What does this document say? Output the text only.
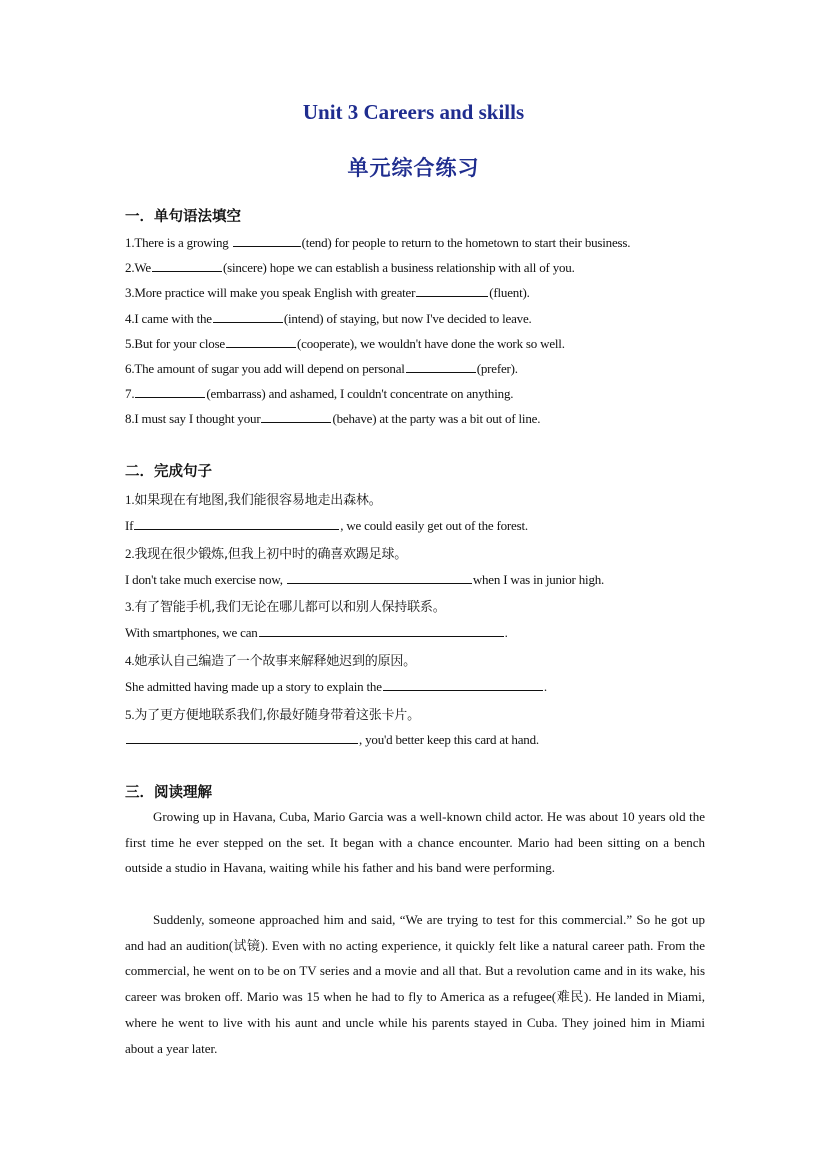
Unit 3 Careers and skills
单元综合练习
一．单句语法填空
1.There is a growing	(tend) for people to return to the hometown to start their business.
2.We	(sincere) hope we can establish a business relationship with all of you.
3.More practice will make you speak English with greater	(fluent).
4.I came with the	(intend) of staying, but now I've decided to leave.
5.But for your close	(cooperate), we wouldn't have done the work so well.
6.The amount of sugar you add will depend on personal	(prefer).
7.	(embarrass) and ashamed, I couldn't concentrate on anything.
8.I must say I thought your	(behave) at the party was a bit out of line.
二．完成句子
1.如果现在有地图,我们能很容易地走出森林。
If	, we could easily get out of the forest.
2.我现在很少锻炼,但我上初中时的确喜欢踢足球。
I don't take much exercise now,	when I was in junior high.
3.有了智能手机,我们无论在哪儿都可以和别人保持联系。
With smartphones, we can	.
4.她承认自己编造了一个故事来解释她迟到的原因。
She admitted having made up a story to explain the	.
5.为了更方便地联系我们,你最好随身带着这张卡片。
, you'd better keep this card at hand.
三．阅读理解
Growing up in Havana, Cuba, Mario Garcia was a well-known child actor. He was about 10 years old the first time he ever stepped on the set. It began with a chance encounter. Mario had been sitting on a bench outside a studio in Havana, waiting while his father and his band were performing.
Suddenly, someone approached him and said, “We are trying to test for this commercial.” So he got up and had an audition(试镜). Even with no acting experience, it quickly felt like a natural career path. From the commercial, he went on to be on TV series and a movie and all that. But a revolution came and in its wake, his career was broken off. Mario was 15 when he had to fly to America as a refugee(难民). He landed in Miami, where he went to live with his aunt and uncle while his parents stayed in Cuba. They joined him in Miami about a year later.
